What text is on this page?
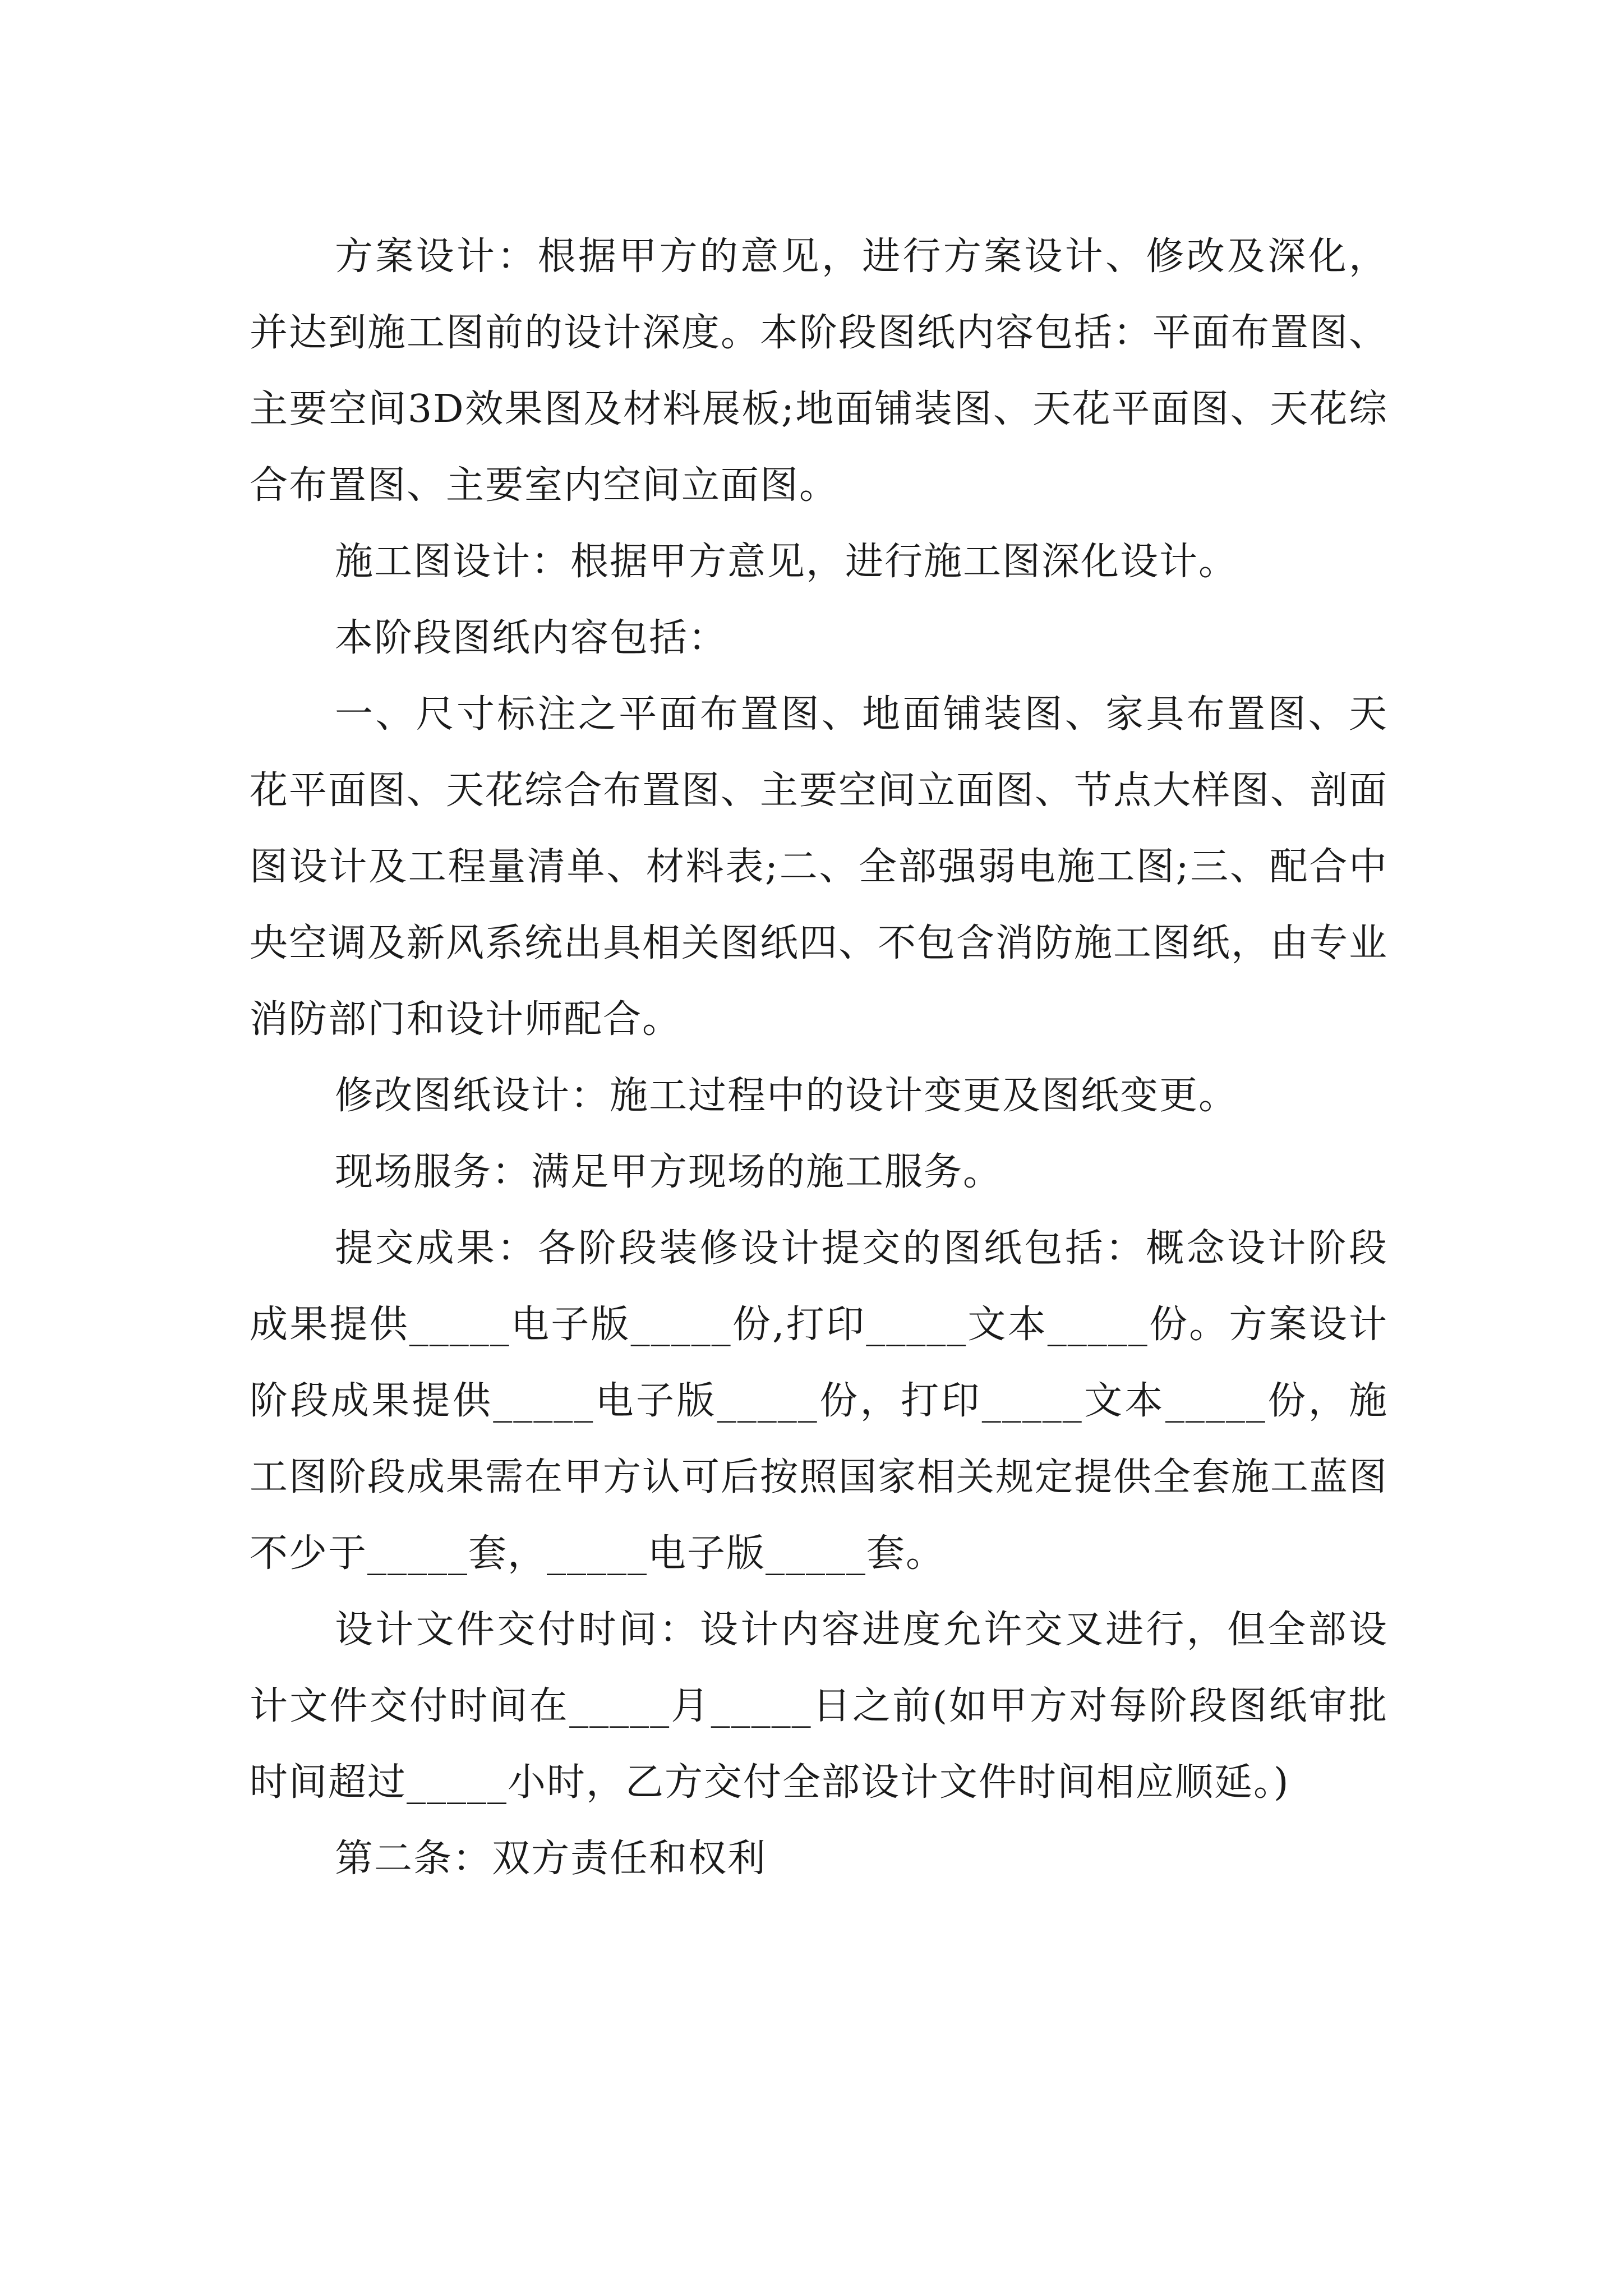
方案设计：根据甲方的意见，进行方案设计、修改及深化，并达到施工图前的设计深度。本阶段图纸内容包括：平面布置图、主要空间3D效果图及材料展板;地面铺装图、天花平面图、天花综合布置图、主要室内空间立面图。

施工图设计：根据甲方意见，进行施工图深化设计。

本阶段图纸内容包括：

一、尺寸标注之平面布置图、地面铺装图、家具布置图、天花平面图、天花综合布置图、主要空间立面图、节点大样图、剖面图设计及工程量清单、材料表;二、全部强弱电施工图;三、配合中央空调及新风系统出具相关图纸四、不包含消防施工图纸，由专业消防部门和设计师配合。

修改图纸设计：施工过程中的设计变更及图纸变更。

现场服务：满足甲方现场的施工服务。

提交成果：各阶段装修设计提交的图纸包括：概念设计阶段成果提供_____电子版_____份,打印_____文本_____份。方案设计阶段成果提供_____电子版_____份，打印_____文本_____份，施工图阶段成果需在甲方认可后按照国家相关规定提供全套施工蓝图不少于_____套，_____电子版_____套。

设计文件交付时间：设计内容进度允许交叉进行，但全部设计文件交付时间在_____月_____日之前(如甲方对每阶段图纸审批时间超过_____小时，乙方交付全部设计文件时间相应顺延。)

第二条：双方责任和权利
